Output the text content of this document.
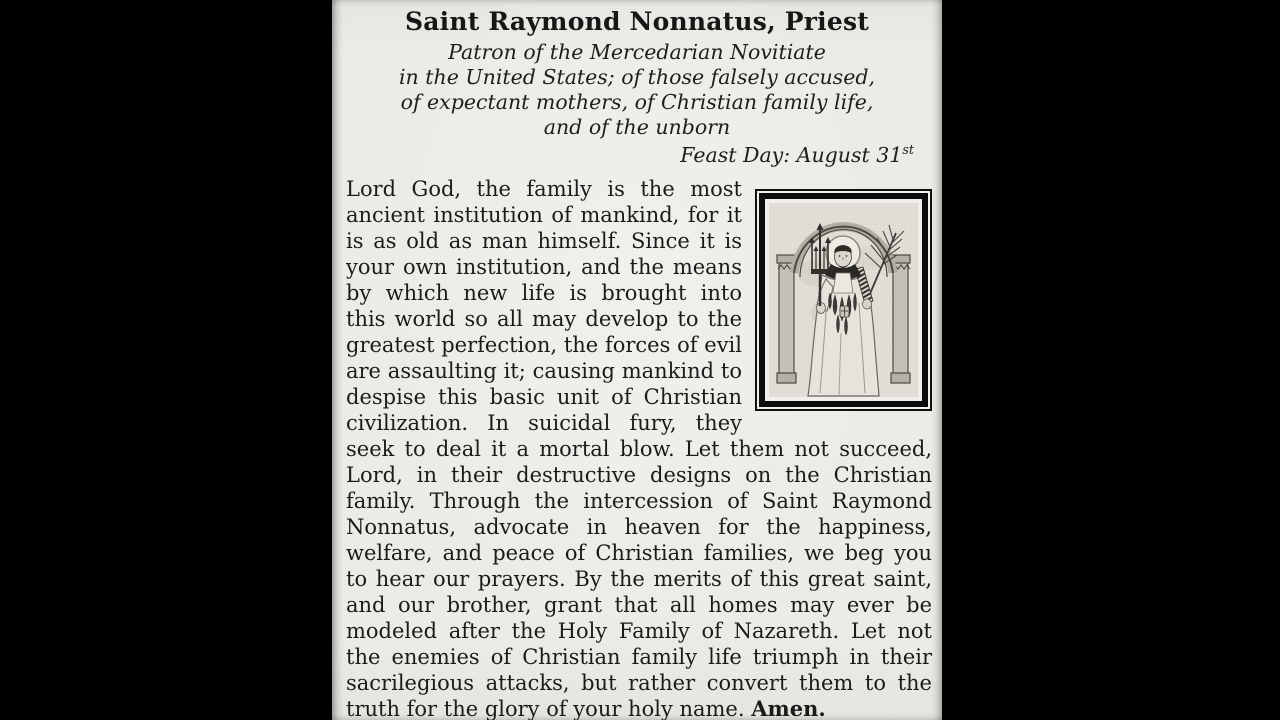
Saint Raymond Nonnatus, Priest
Patron of the Mercedarian Novitiate
in the United States; of those falsely accused,
of expectant mothers, of Christian family life,
and of the unborn
Feast Day: August 31st

Lord God, the family is the most ancient institution of mankind, for it is as old as man himself. Since it is your own institution, and the means by which new life is brought into this world so all may develop to the greatest perfection, the forces of evil are assaulting it; causing mankind to despise this basic unit of Christian civilization. In suicidal fury, they seek to deal it a mortal blow. Let them not succeed, Lord, in their destructive designs on the Christian family. Through the intercession of Saint Raymond Nonnatus, advocate in heaven for the happiness, welfare, and peace of Christian families, we beg you to hear our prayers. By the merits of this great saint, and our brother, grant that all homes may ever be modeled after the Holy Family of Nazareth. Let not the enemies of Christian family life triumph in their sacrilegious attacks, but rather convert them to the truth for the glory of your holy name. Amen.
